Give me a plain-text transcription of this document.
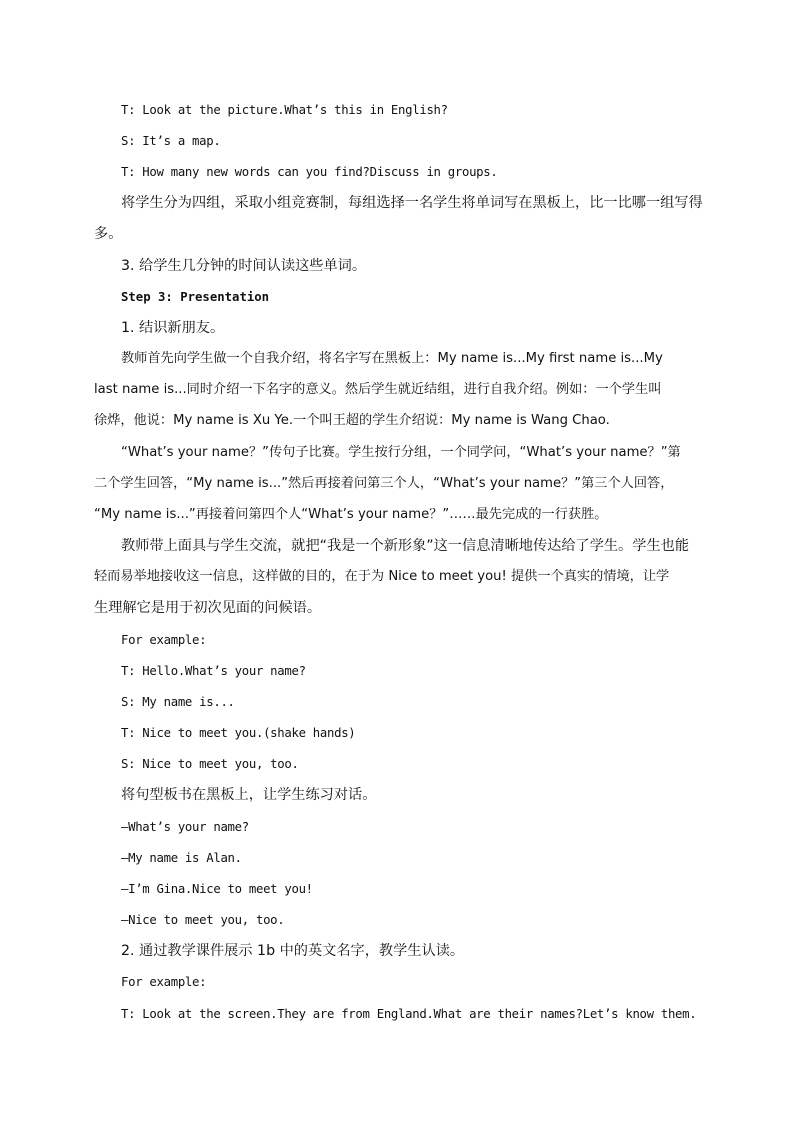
T: Look at the picture.What’s this in English?
S: It’s a map.
T: How many new words can you find?Discuss in groups.
将学生分为四组，采取小组竞赛制，每组选择一名学生将单词写在黑板上，比一比哪一组写得
多。
3. 给学生几分钟的时间认读这些单词。
Step 3: Presentation
1. 结识新朋友。
教师首先向学生做一个自我介绍，将名字写在黑板上：My name is...My first name is...My
last name is...同时介绍一下名字的意义。然后学生就近结组，进行自我介绍。例如：一个学生叫
徐烨，他说：My name is Xu Ye.一个叫王超的学生介绍说：My name is Wang Chao.
“What’s your name？”传句子比赛。学生按行分组，一个同学问，“What’s your name？”第
二个学生回答，“My name is...”然后再接着问第三个人，“What’s your name？”第三个人回答，
“My name is...”再接着问第四个人“What’s your name？”……最先完成的一行获胜。
教师带上面具与学生交流，就把“我是一个新形象”这一信息清晰地传达给了学生。学生也能
轻而易举地接收这一信息，这样做的目的，在于为 Nice to meet you! 提供一个真实的情境，让学
生理解它是用于初次见面的问候语。
For example:
T: Hello.What’s your name?
S: My name is...
T: Nice to meet you.(shake hands)
S: Nice to meet you, too.
将句型板书在黑板上，让学生练习对话。
—What’s your name?
—My name is Alan.
—I’m Gina.Nice to meet you!
—Nice to meet you, too.
2. 通过教学课件展示 1b 中的英文名字，教学生认读。
For example:
T: Look at the screen.They are from England.What are their names?Let’s know them.
